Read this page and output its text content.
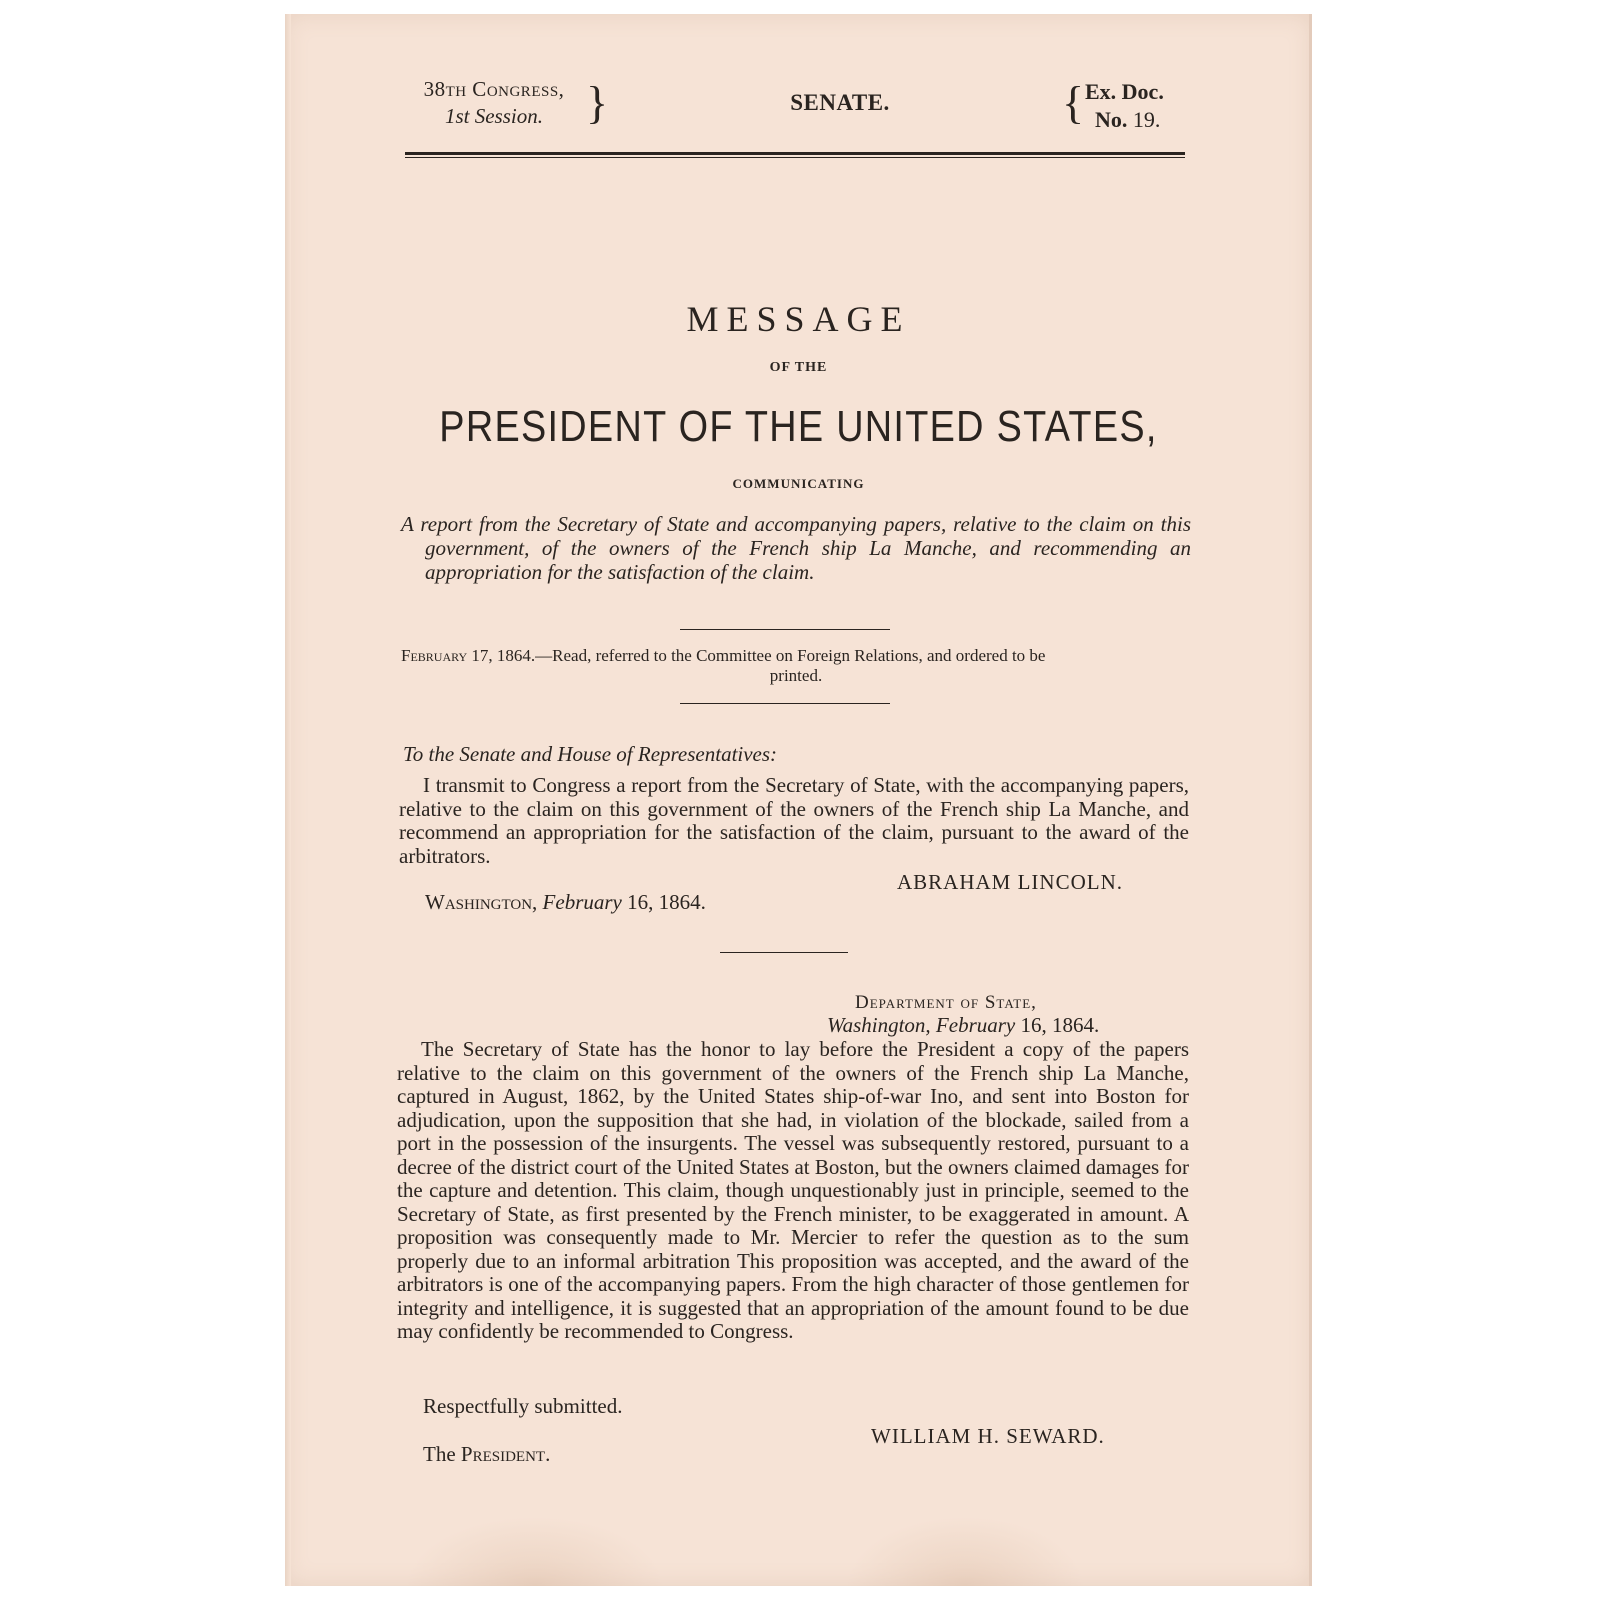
38th Congress,
1st Session. }	SENATE.	{ Ex. Doc.
No. 19.
MESSAGE
OF THE
PRESIDENT OF THE UNITED STATES,
COMMUNICATING

A report from the Secretary of State and accompanying papers, relative to the claim on this government, of the owners of the French ship La Manche, and recommending an appropriation for the satisfaction of the claim.

February 17, 1864.—Read, referred to the Committee on Foreign Relations, and ordered to be
printed.
To the Senate and House of Representatives:

I transmit to Congress a report from the Secretary of State, with the accompanying papers, relative to the claim on this government of the owners of the French ship La Manche, and recommend an appropriation for the satisfaction of the claim, pursuant to the award of the arbitrators.

ABRAHAM LINCOLN.
Washington, February 16, 1864.
Department of State,
Washington, February 16, 1864.

The Secretary of State has the honor to lay before the President a copy of the papers relative to the claim on this government of the owners of the French ship La Manche, captured in August, 1862, by the United States ship-of-war Ino, and sent into Boston for adjudication, upon the supposition that she had, in violation of the blockade, sailed from a port in the possession of the insurgents. The vessel was subsequently restored, pursuant to a decree of the district court of the United States at Boston, but the owners claimed damages for the capture and detention. This claim, though unquestionably just in principle, seemed to the Secretary of State, as first presented by the French minister, to be exaggerated in amount. A proposition was consequently made to Mr. Mercier to refer the question as to the sum properly due to an informal arbitration This proposition was accepted, and the award of the arbitrators is one of the accompanying papers. From the high character of those gentlemen for integrity and intelligence, it is suggested that an appropriation of the amount found to be due may confidently be recommended to Congress.

Respectfully submitted.
WILLIAM H. SEWARD.
The President.
